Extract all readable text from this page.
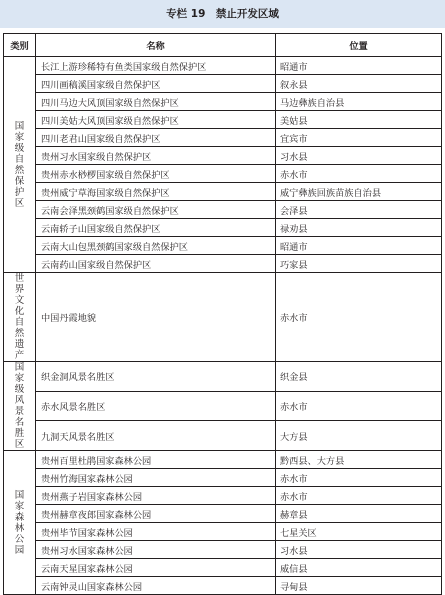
专栏 19　禁止开发区域
类别	名称	位置
国家级自然保护区	长江上游珍稀特有鱼类国家级自然保护区	昭通市
	四川画稿溪国家级自然保护区	叙永县
	四川马边大风顶国家级自然保护区	马边彝族自治县
	四川美姑大风顶国家级自然保护区	美姑县
	四川老君山国家级自然保护区	宜宾市
	贵州习水国家级自然保护区	习水县
	贵州赤水桫椤国家级自然保护区	赤水市
	贵州威宁草海国家级自然保护区	威宁彝族回族苗族自治县
	云南会泽黑颈鹤国家级自然保护区	会泽县
	云南轿子山国家级自然保护区	禄劝县
	云南大山包黑颈鹤国家级自然保护区	昭通市
	云南药山国家级自然保护区	巧家县
世界文化自然遗产	中国丹霞地貌	赤水市
国家级风景名胜区	织金洞风景名胜区	织金县
	赤水风景名胜区	赤水市
	九洞天风景名胜区	大方县
国家森林公园	贵州百里杜鹃国家森林公园	黔西县、大方县
	贵州竹海国家森林公园	赤水市
	贵州燕子岩国家森林公园	赤水市
	贵州赫章夜郎国家森林公园	赫章县
	贵州毕节国家森林公园	七星关区
	贵州习水国家森林公园	习水县
	云南天星国家森林公园	威信县
	云南钟灵山国家森林公园	寻甸县
